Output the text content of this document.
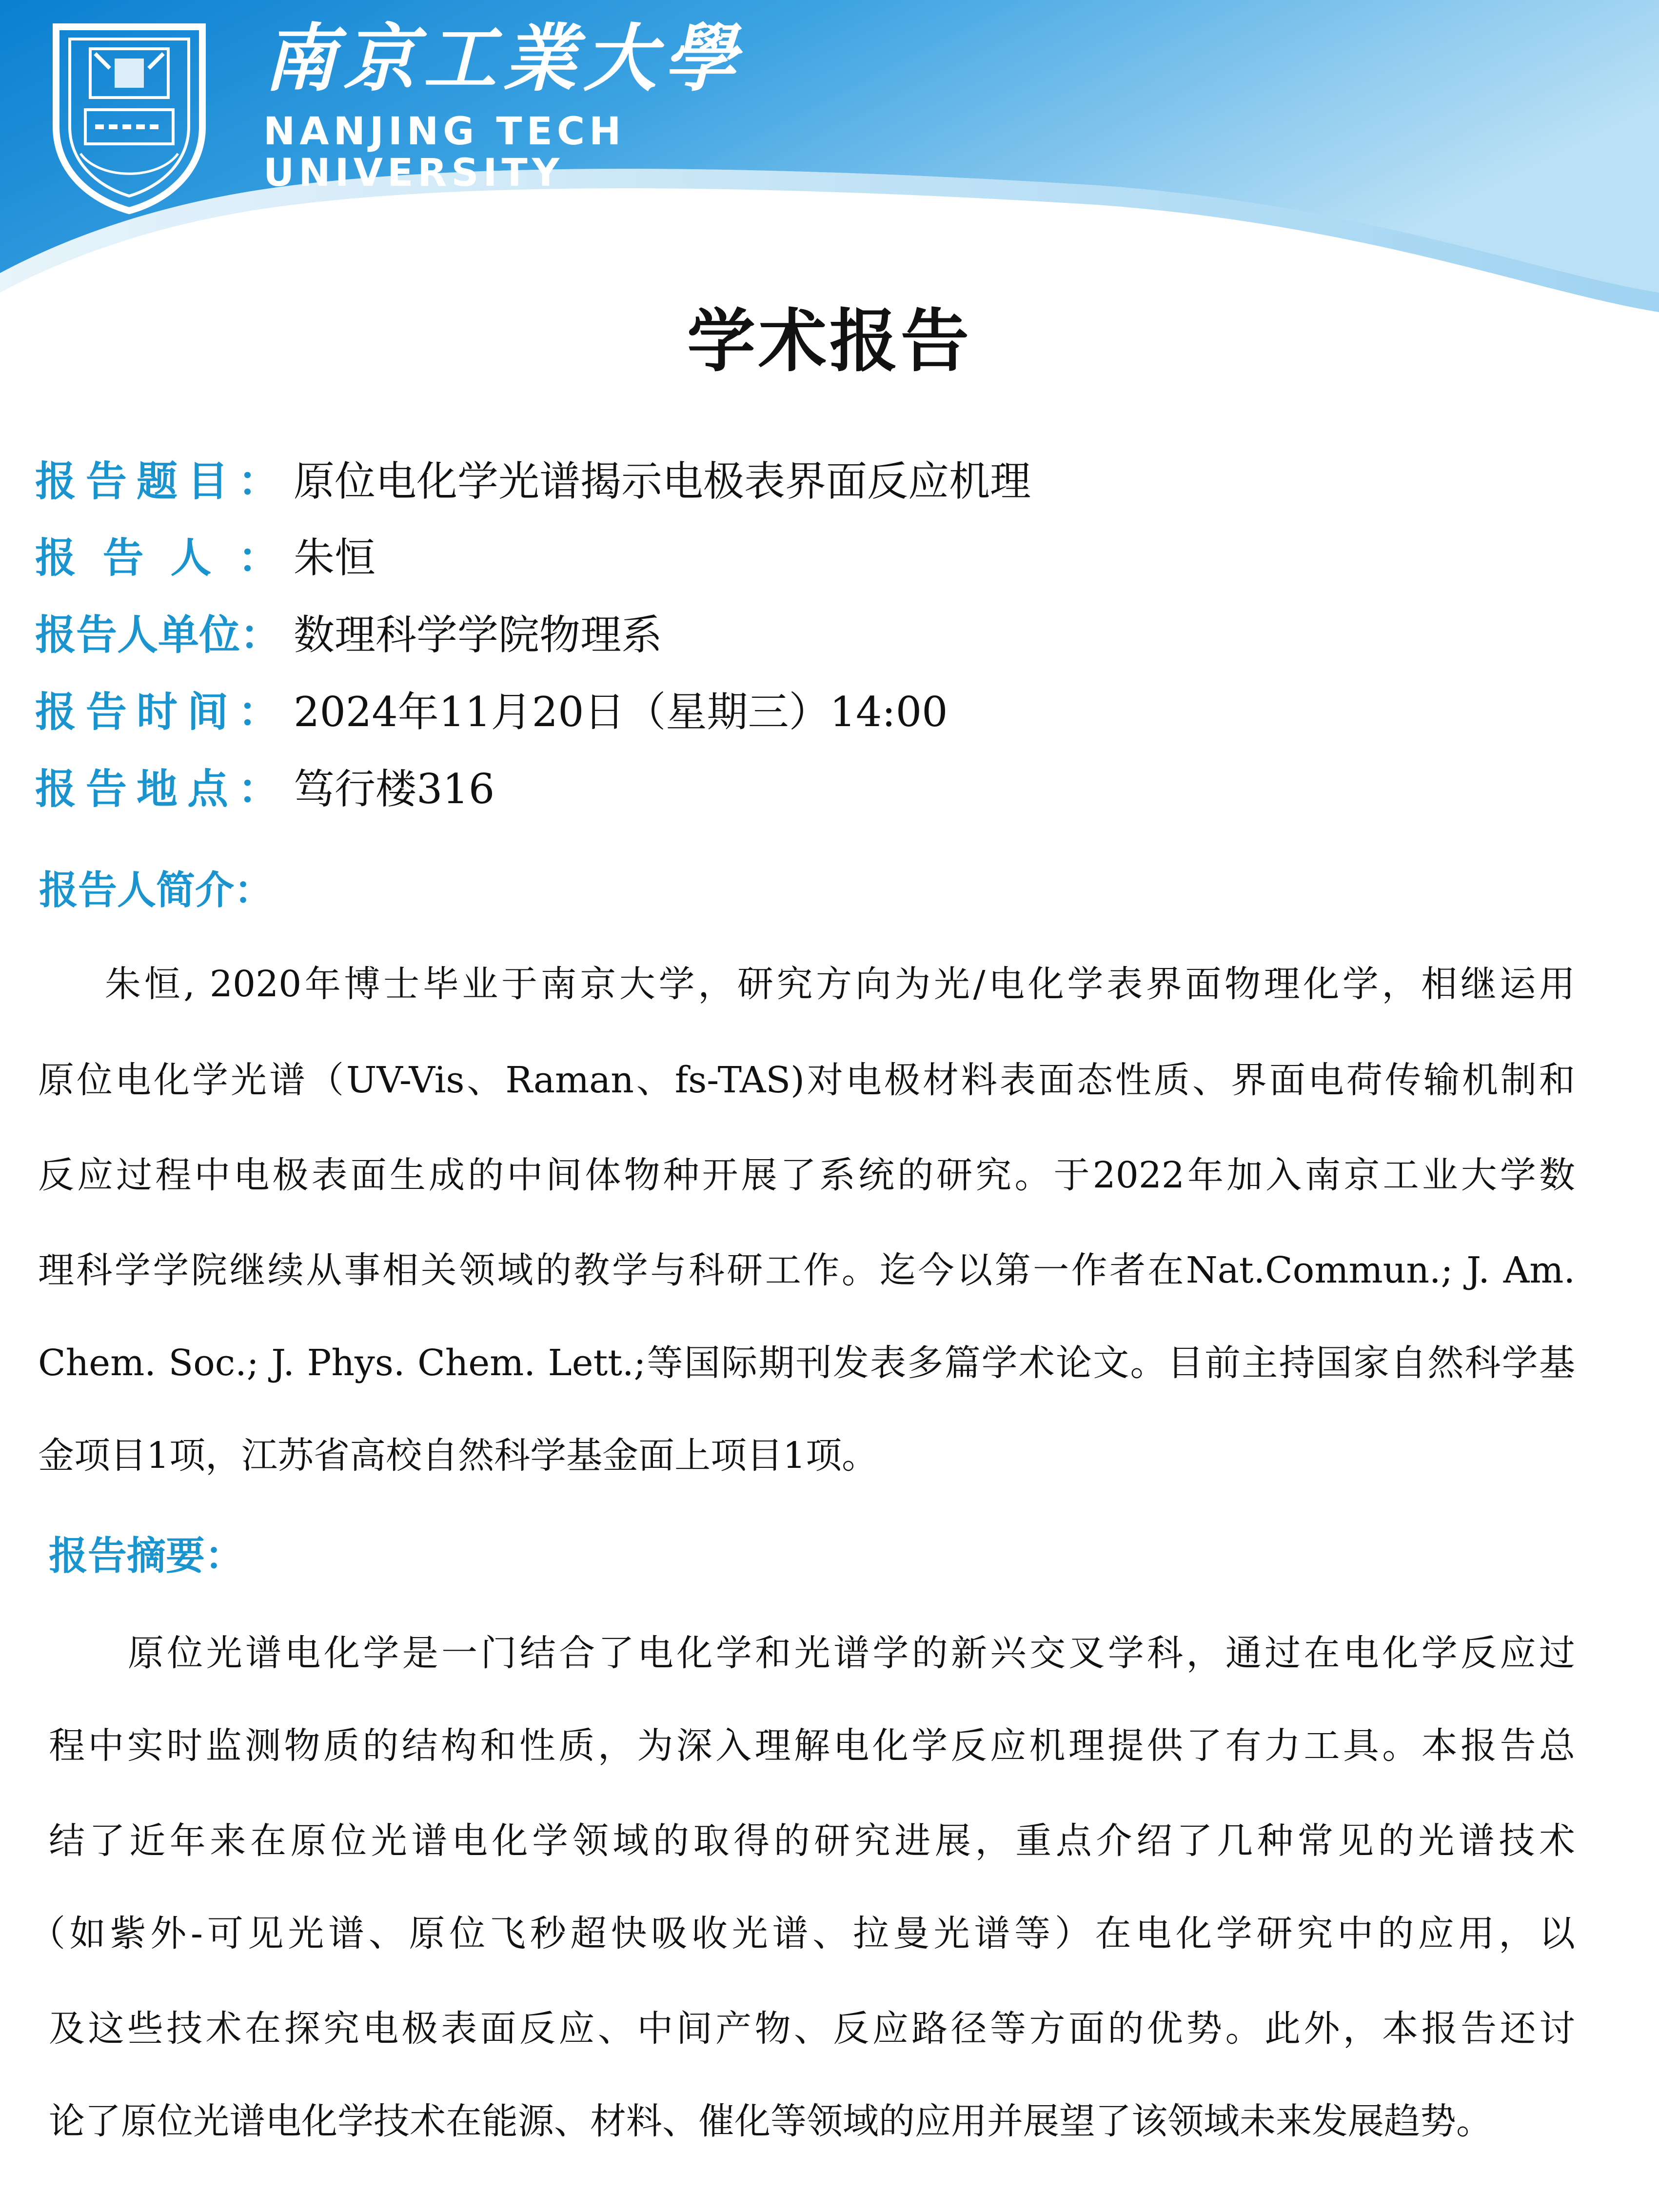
南京工業大學
NANJING TECH
UNIVERSITY
学术报告
报 告 题 目 ： 原位电化学光谱揭示电极表界面反应机理
报 告 人 ： 朱恒
报 告 人 单 位： 数理科学学院物理系
报 告 时 间 ： 2024年11月20日（星期三）14:00
报 告 地 点 ： 笃行楼316
报告人简介：
朱恒, 2020年博士毕业于南京大学，研究方向为光/电化学表界面物理化学，相继运用
原位电化学光谱（UV-Vis、Raman、fs-TAS)对电极材料表面态性质、界面电荷传输机制和
反应过程中电极表面生成的中间体物种开展了系统的研究。于2022年加入南京工业大学数
理科学学院继续从事相关领域的教学与科研工作。迄今以第一作者在Nat.Commun.; J. Am.
Chem. Soc.; J. Phys. Chem. Lett.;等国际期刊发表多篇学术论文。目前主持国家自然科学基
金项目1项，江苏省高校自然科学基金面上项目1项。
报告摘要：
原位光谱电化学是一门结合了电化学和光谱学的新兴交叉学科，通过在电化学反应过
程中实时监测物质的结构和性质，为深入理解电化学反应机理提供了有力工具。本报告总
结了近年来在原位光谱电化学领域的取得的研究进展，重点介绍了几种常见的光谱技术
（如紫外-可见光谱、原位飞秒超快吸收光谱、拉曼光谱等）在电化学研究中的应用，以
及这些技术在探究电极表面反应、中间产物、反应路径等方面的优势。此外，本报告还讨
论了原位光谱电化学技术在能源、材料、催化等领域的应用并展望了该领域未来发展趋势。
